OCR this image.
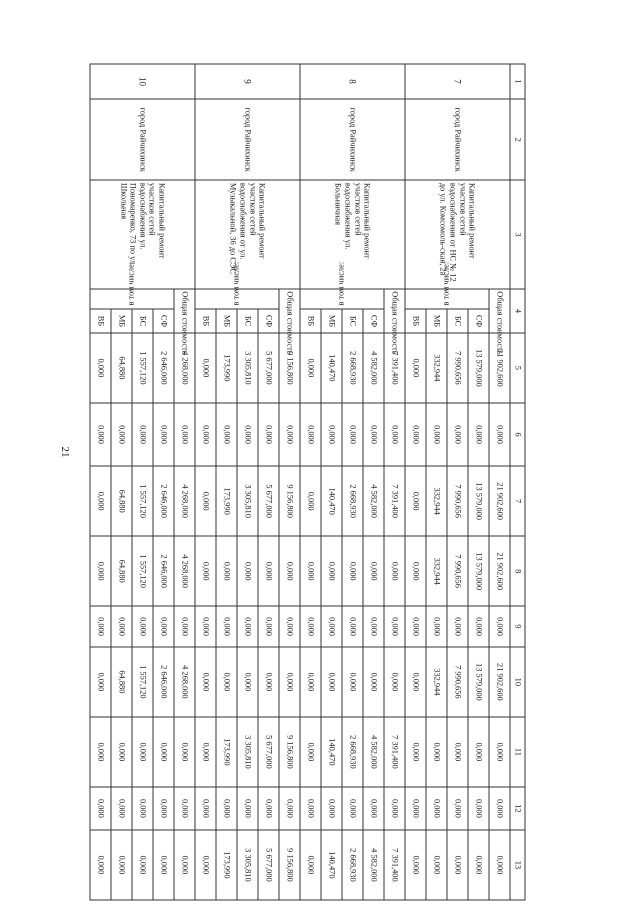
21
1	2	3	4		5	6	7	8	9	10	11	12	13
7	город Райчихинск	Капитальный ремонт участков сетей водоснабжения от НС № 12 до ул. Комсомоль-ская, 2а	Общая стоимость		21 902,600	0,000	21 902,600	21 902,600	0,000	21 902,600	0,000	0,000	0,000

			в том числе:	СФ	13 579,000	0,000	13 579,000	13 579,000	0,000	13 579,000	0,000	0,000	0,000
				БС	7 990,656	0,000	7 990,656	7 990,656	0,000	7 990,656	0,000	0,000	0,000
				МБ	332,944	0,000	332,944	332,944	0,000	332,944	0,000	0,000	0,000
				ВБ	0,000	0,000	0,000	0,000	0,000	0,000	0,000	0,000	0,000
8	город Райчихинск	Капитальный ремонт участков сетей водоснабжения ул. Больничная	Общая стоимость		7 391,400	0,000	7 391,400	0,000	0,000	0,000	7 391,400	0,000	7 391,400

			в том числе:	СФ	4 582,000	0,000	4 582,000	0,000	0,000	0,000	4 582,000	0,000	4 582,000
				БС	2 668,930	0,000	2 668,930	0,000	0,000	0,000	2 668,930	0,000	2 668,930
				МБ	140,470	0,000	140,470	0,000	0,000	0,000	140,470	0,000	140,470
				ВБ	0,000	0,000	0,000	0,000	0,000	0,000	0,000	0,000	0,000
9	город Райчихинск	Капитальный ремонт участков сетей водоснабжения от ул. Музыкальной, 36 до СЭС	Общая стоимость		9 156,800	0,000	9 156,800	0,000	0,000	0,000	9 156,800	0,000	9 156,800

			в том числе:	СФ	5 677,000	0,000	5 677,000	0,000	0,000	0,000	5 677,000	0,000	5 677,000
				БС	3 305,810	0,000	3 305,810	0,000	0,000	0,000	3 305,810	0,000	3 305,810
				МБ	173,990	0,000	173,990	0,000	0,000	0,000	173,990	0,000	173,990
				ВБ	0,000	0,000	0,000	0,000	0,000	0,000	0,000	0,000	0,000
10	город Райчихинск	Капитальный ремонт участков сетей водоснабжения ул. Пономаренко, 73 по ул. Школьная	Общая стоимость		4 268,000	0,000	4 268,000	4 268,000	0,000	4 268,000	0,000	0,000	0,000

			в том числе:	СФ	2 646,000	0,000	2 646,000	2 646,000	0,000	2 646,000	0,000	0,000	0,000
				БС	1 557,120	0,000	1 557,120	1 557,120	0,000	1 557,120	0,000	0,000	0,000
				МБ	64,880	0,000	64,880	64,880	0,000	64,880	0,000	0,000	0,000
				ВБ	0,000	0,000	0,000	0,000	0,000	0,000	0,000	0,000	0,000
